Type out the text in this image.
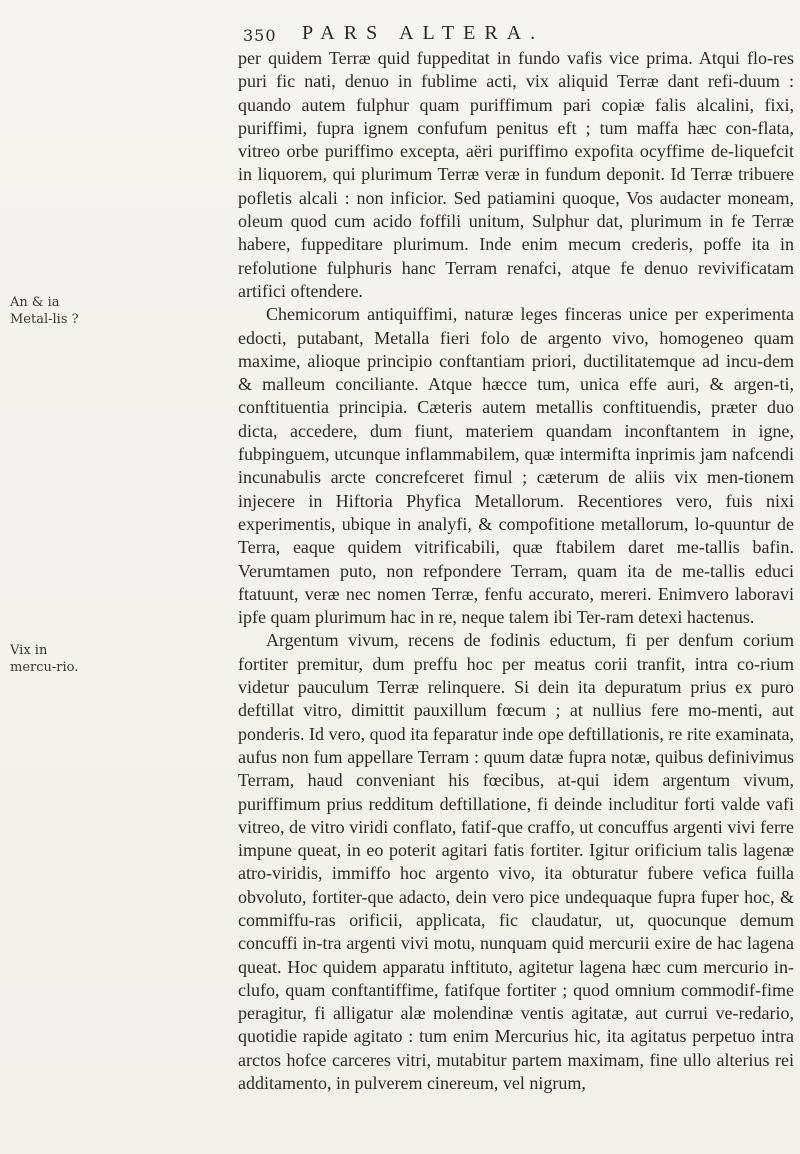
350 PARS ALTERA.
An & ia Metal-lis ?
Vix in mercu-rio.

per quidem Terræ quid fuppeditat in fundo vafis vice prima. Atqui flo-res puri fic nati, denuo in fublime acti, vix aliquid Terræ dant refi-duum : quando autem fulphur quam puriffimum pari copiæ falis alcalini, fixi, puriffimi, fupra ignem confufum penitus eft ; tum maffa hæc con-flata, vitreo orbe puriffimo excepta, aëri puriffimo expofita ocyffime de-liquefcit in liquorem, qui plurimum Terræ veræ in fundum deponit. Id Terræ tribuere pofletis alcali : non inficior. Sed patiamini quoque, Vos audacter moneam, oleum quod cum acido foffili unitum, Sulphur dat, plurimum in fe Terræ habere, fuppeditare plurimum. Inde enim mecum crederis, poffe ita in refolutione fulphuris hanc Terram renafci, atque fe denuo revivificatam artifici oftendere.

Chemicorum antiquiffimi, naturæ leges finceras unice per experimenta edocti, putabant, Metalla fieri folo de argento vivo, homogeneo quam maxime, alioque principio conftantiam priori, ductilitatemque ad incu-dem & malleum conciliante. Atque hæcce tum, unica effe auri, & argen-ti, conftituentia principia. Cæteris autem metallis conftituendis, præter duo dicta, accedere, dum fiunt, materiem quandam inconftantem in igne, fubpinguem, utcunque inflammabilem, quæ intermifta inprimis jam nafcendi incunabulis arcte concrefceret fimul ; cæterum de aliis vix men-tionem injecere in Hiftoria Phyfica Metallorum. Recentiores vero, fuis nixi experimentis, ubique in analyfi, & compofitione metallorum, lo-quuntur de Terra, eaque quidem vitrificabili, quæ ftabilem daret me-tallis bafin. Verumtamen puto, non refpondere Terram, quam ita de me-tallis educi ftatuunt, veræ nec nomen Terræ, fenfu accurato, mereri. Enimvero laboravi ipfe quam plurimum hac in re, neque talem ibi Ter-ram detexi hactenus.

Argentum vivum, recens de fodinis eductum, fi per denfum corium fortiter premitur, dum preffu hoc per meatus corii tranfit, intra co-rium videtur pauculum Terræ relinquere. Si dein ita depuratum prius ex puro deftillat vitro, dimittit pauxillum fœcum ; at nullius fere mo-menti, aut ponderis. Id vero, quod ita feparatur inde ope deftillationis, re rite examinata, aufus non fum appellare Terram : quum datæ fupra notæ, quibus definivimus Terram, haud conveniant his fœcibus, at-qui idem argentum vivum, puriffimum prius redditum deftillatione, fi deinde includitur forti valde vafi vitreo, de vitro viridi conflato, fatif-que craffo, ut concuffus argenti vivi ferre impune queat, in eo poterit agitari fatis fortiter. Igitur orificium talis lagenæ atro-viridis, immiffo hoc argento vivo, ita obturatur fubere vefica fuilla obvoluto, fortiter-que adacto, dein vero pice undequaque fupra fuper hoc, & commiffu-ras orificii, applicata, fic claudatur, ut, quocunque demum concuffi in-tra argenti vivi motu, nunquam quid mercurii exire de hac lagena queat. Hoc quidem apparatu inftituto, agitetur lagena hæc cum mercurio in-clufo, quam conftantiffime, fatifque fortiter ; quod omnium commodif-fime peragitur, fi alligatur alæ molendinæ ventis agitatæ, aut currui ve-redario, quotidie rapide agitato : tum enim Mercurius hic, ita agitatus perpetuo intra arctos hofce carceres vitri, mutabitur partem maximam, fine ullo alterius rei additamento, in pulverem cinereum, vel nigrum,
